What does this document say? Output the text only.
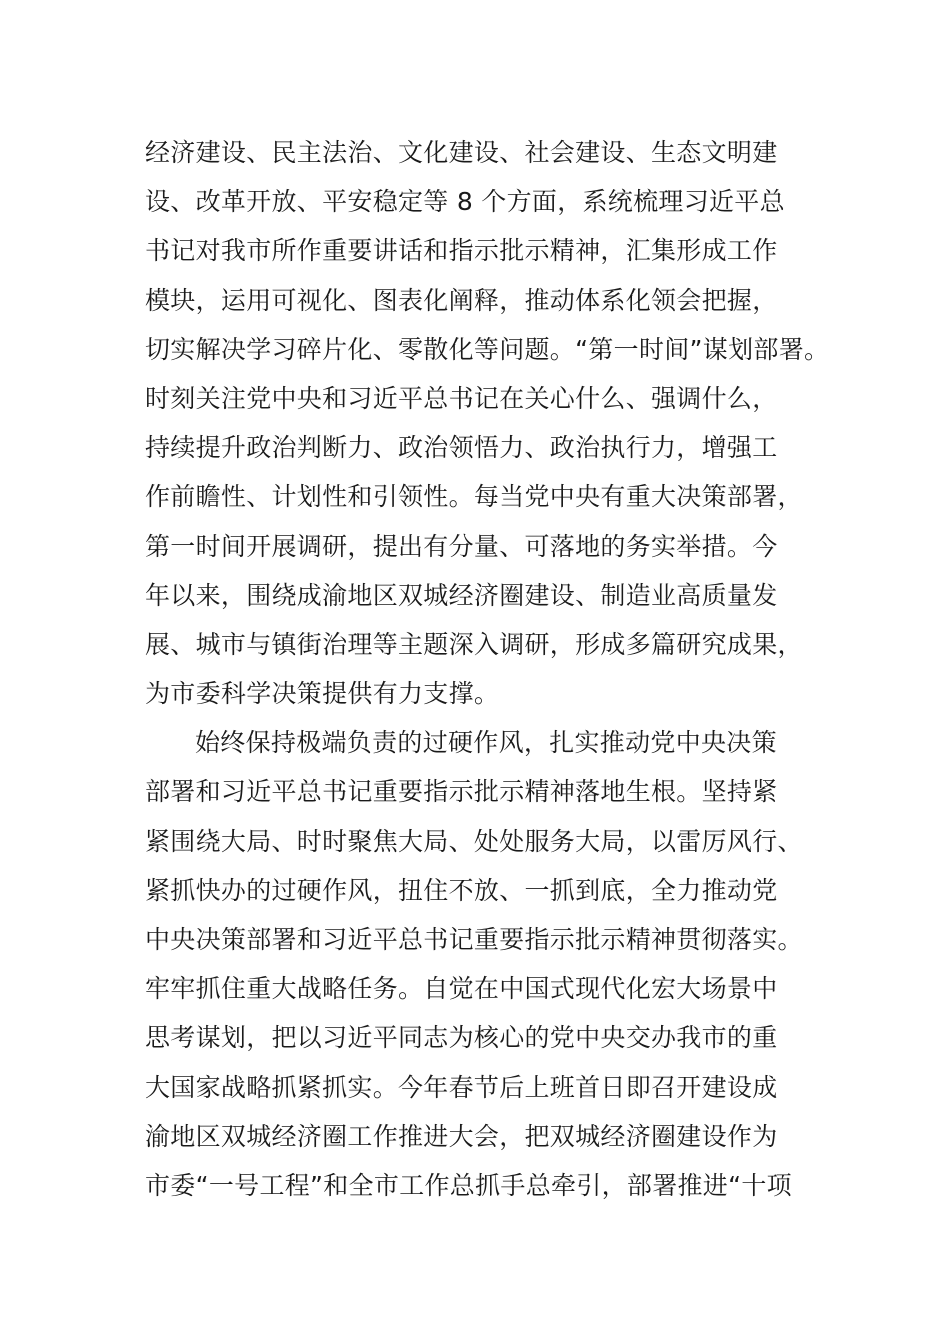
经济建设、民主法治、文化建设、社会建设、生态文明建
设、改革开放、平安稳定等 8 个方面，系统梳理习近平总
书记对我市所作重要讲话和指示批示精神，汇集形成工作
模块，运用可视化、图表化阐释，推动体系化领会把握，
切实解决学习碎片化、零散化等问题。“第一时间”谋划部署。
时刻关注党中央和习近平总书记在关心什么、强调什么，
持续提升政治判断力、政治领悟力、政治执行力，增强工
作前瞻性、计划性和引领性。每当党中央有重大决策部署，
第一时间开展调研，提出有分量、可落地的务实举措。今
年以来，围绕成渝地区双城经济圈建设、制造业高质量发
展、城市与镇街治理等主题深入调研，形成多篇研究成果，
为市委科学决策提供有力支撑。
始终保持极端负责的过硬作风，扎实推动党中央决策
部署和习近平总书记重要指示批示精神落地生根。坚持紧
紧围绕大局、时时聚焦大局、处处服务大局，以雷厉风行、
紧抓快办的过硬作风，扭住不放、一抓到底，全力推动党
中央决策部署和习近平总书记重要指示批示精神贯彻落实。
牢牢抓住重大战略任务。自觉在中国式现代化宏大场景中
思考谋划，把以习近平同志为核心的党中央交办我市的重
大国家战略抓紧抓实。今年春节后上班首日即召开建设成
渝地区双城经济圈工作推进大会，把双城经济圈建设作为
市委“一号工程”和全市工作总抓手总牵引，部署推进“十项
